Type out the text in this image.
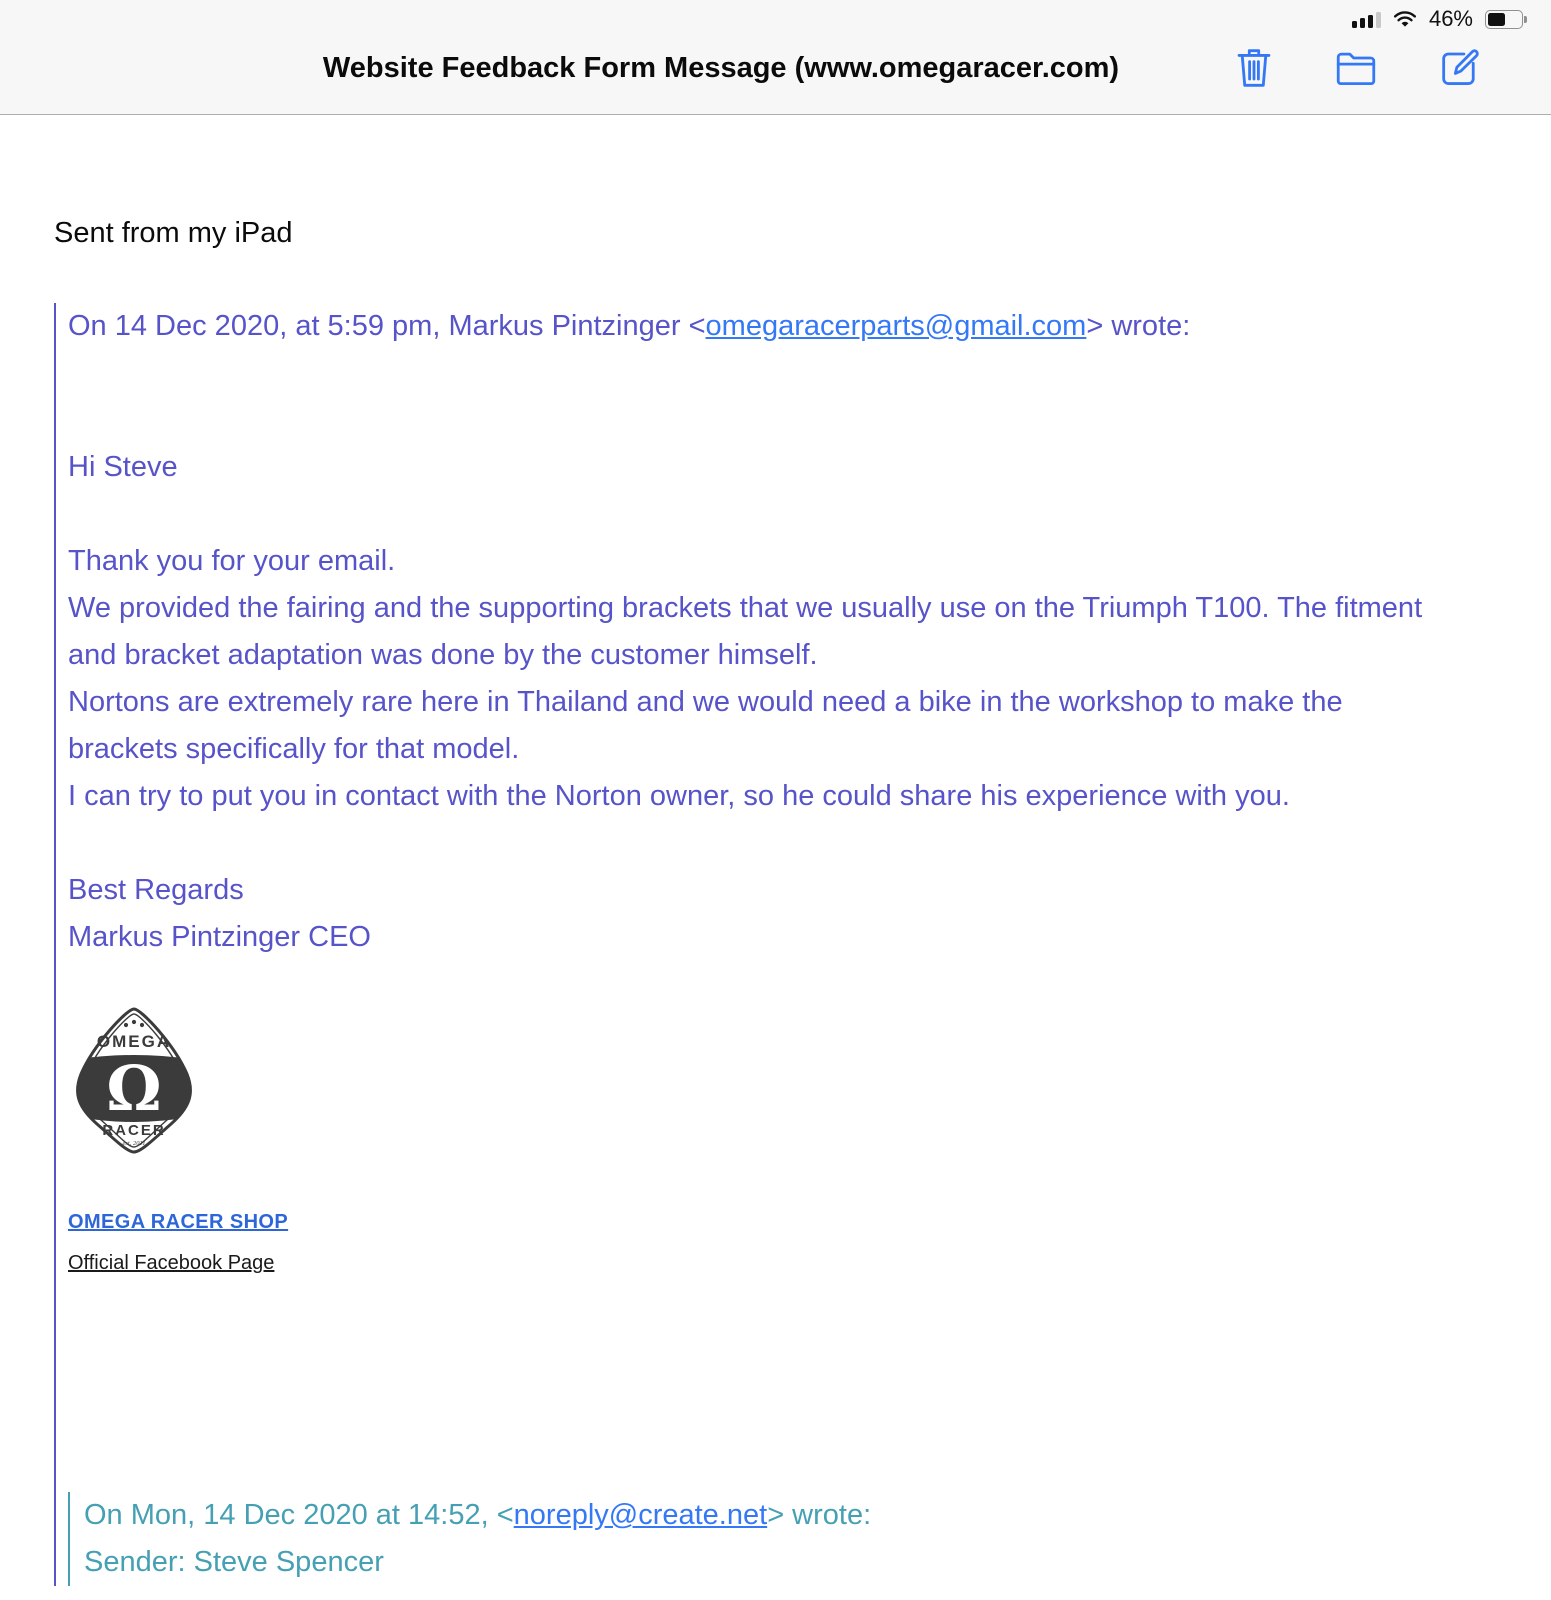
46%
Website Feedback Form Message (www.omegaracer.com)

Sent from my iPad

On 14 Dec 2020, at 5:59 pm, Markus Pintzinger <omegaracerparts@gmail.com> wrote:

Hi Steve

Thank you for your email.

We provided the fairing and the supporting brackets that we usually use on the Triumph T100. The fitment and bracket adaptation was done by the customer himself.

Nortons are extremely rare here in Thailand and we would need a bike in the workshop to make the brackets specifically for that model.

I can try to put you in contact with the Norton owner, so he could share his experience with you.

Best Regards

Markus Pintzinger CEO

OMEGA
Ω
RACER
est. 2011
OMEGA RACER SHOP
Official Facebook Page

On Mon, 14 Dec 2020 at 14:52, <noreply@create.net> wrote:

Sender: Steve Spencer
